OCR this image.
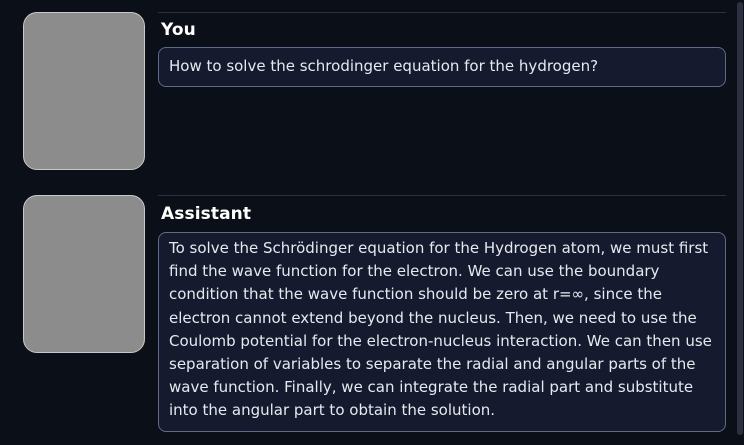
You
How to solve the schrodinger equation for the hydrogen?
Assistant
To solve the Schrödinger equation for the Hydrogen atom, we must first find the wave function for the electron. We can use the boundary condition that the wave function should be zero at r=∞, since the electron cannot extend beyond the nucleus. Then, we need to use the Coulomb potential for the electron-nucleus interaction. We can then use separation of variables to separate the radial and angular parts of the wave function. Finally, we can integrate the radial part and substitute into the angular part to obtain the solution.
